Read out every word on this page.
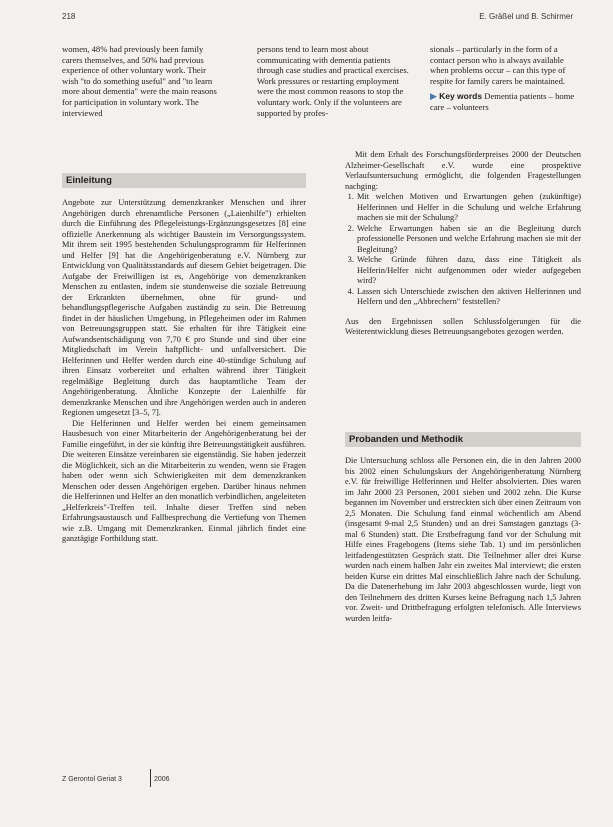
218	E. Gräßel und B. Schirmer
women, 48% had previously been family carers themselves, and 50% had previous experience of other voluntary work. Their wish "to do something useful" and "to learn more about dementia" were the main reasons for participation in voluntary work. The interviewed
persons tend to learn most about communicating with dementia patients through case studies and practical exercises. Work pressures or restarting employment were the most common reasons to stop the voluntary work. Only if the volunteers are supported by profes-
sionals – particularly in the form of a contact person who is always available when problems occur – can this type of respite for family carers be maintained.
▶ Key words Dementia patients – home care – volunteers
Einleitung

Angebote zur Unterstützung demenzkranker Menschen und ihrer Angehörigen durch ehrenamtliche Personen („Laienhilfe") erhielten durch die Einführung des Pflegeleistungs-Ergänzungsgesetzes [8] eine offizielle Anerkennung als wichtiger Baustein im Versorgungssystem. Mit ihrem seit 1995 bestehenden Schulungsprogramm für Helferinnen und Helfer [9] hat die Angehörigenberatung e.V. Nürnberg zur Entwicklung von Qualitätsstandards auf diesem Gebiet beigetragen. Die Aufgabe der Freiwilligen ist es, Angehörige von demenzkranken Menschen zu entlasten, indem sie stundenweise die soziale Betreuung der Erkrankten übernehmen, ohne für grund- und behandlungspflegerische Aufgaben zuständig zu sein. Die Betreuung findet in der häuslichen Umgebung, in Pflegeheimen oder im Rahmen von Betreuungsgruppen statt. Sie erhalten für ihre Tätigkeit eine Aufwandsentschädigung von 7,70 € pro Stunde und sind über eine Mitgliedschaft im Verein haftpflicht- und unfallversichert. Die Helferinnen und Helfer werden durch eine 40-stündige Schulung auf ihren Einsatz vorbereitet und erhalten während ihrer Tätigkeit regelmäßige Begleitung durch das hauptamtliche Team der Angehörigenberatung. Ähnliche Konzepte der Laienhilfe für demenzkranke Menschen und ihre Angehörigen werden auch in anderen Regionen umgesetzt [3–5, 7].

Die Helferinnen und Helfer werden bei einem gemeinsamen Hausbesuch von einer Mitarbeiterin der Angehörigenberatung bei der Familie eingeführt, in der sie künftig ihre Betreuungstätigkeit ausführen. Die weiteren Einsätze vereinbaren sie eigenständig. Sie haben jederzeit die Möglichkeit, sich an die Mitarbeiterin zu wenden, wenn sie Fragen haben oder wenn sich Schwierigkeiten mit dem demenzkranken Menschen oder dessen Angehörigen ergeben. Darüber hinaus nehmen die Helferinnen und Helfer an den monatlich verbindlichen, angeleiteten „Helferkreis"-Treffen teil. Inhalte dieser Treffen sind neben Erfahrungsaustausch und Fallbesprechung die Vertiefung von Themen wie z.B. Umgang mit Demenzkranken. Einmal jährlich findet eine ganztägige Fortbildung statt.

Mit dem Erhalt des Forschungsförderpreises 2000 der Deutschen Alzheimer-Gesellschaft e.V. wurde eine prospektive Verlaufsuntersuchung ermöglicht, die folgenden Fragestellungen nachging:

1. Mit welchen Motiven und Erwartungen gehen (zukünftige) Helferinnen und Helfer in die Schulung und welche Erfahrung machen sie mit der Schulung?
2. Welche Erwartungen haben sie an die Begleitung durch professionelle Personen und welche Erfahrung machen sie mit der Begleitung?
3. Welche Gründe führen dazu, dass eine Tätigkeit als Helferin/Helfer nicht aufgenommen oder wieder aufgegeben wird?
4. Lassen sich Unterschiede zwischen den aktiven Helferinnen und Helfern und den „Abbrechern" feststellen?

Aus den Ergebnissen sollen Schlussfolgerungen für die Weiterentwicklung dieses Betreuungsangebotes gezogen werden.

Probanden und Methodik

Die Untersuchung schloss alle Personen ein, die in den Jahren 2000 bis 2002 einen Schulungskurs der Angehörigenberatung Nürnberg e.V. für freiwillige Helferinnen und Helfer absolvierten. Dies waren im Jahr 2000 23 Personen, 2001 sieben und 2002 zehn. Die Kurse begannen im November und erstreckten sich über einen Zeitraum von 2,5 Monaten. Die Schulung fand einmal wöchentlich am Abend (insgesamt 9-mal 2,5 Stunden) und an drei Samstagen ganztags (3-mal 6 Stunden) statt. Die Erstbefragung fand vor der Schulung mit Hilfe eines Fragebogens (Items siehe Tab. 1) und im persönlichen leitfadengestützten Gespräch statt. Die Teilnehmer aller drei Kurse wurden nach einem halben Jahr ein zweites Mal interviewt; die ersten beiden Kurse ein drittes Mal einschließlich Jahre nach der Schulung. Da die Datenerhebung im Jahr 2003 abgeschlossen wurde, liegt von den Teilnehmern des dritten Kurses keine Befragung nach 1,5 Jahren vor. Zweit- und Drittbefragung erfolgten telefonisch. Alle Interviews wurden leitfa-

Z Gerontol Geriat 3	2006
